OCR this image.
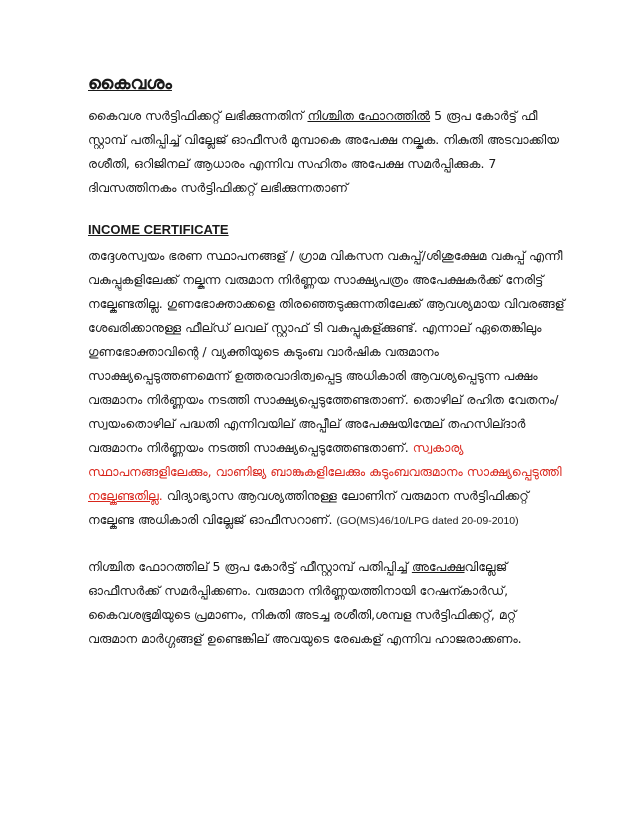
കൈവശം

കൈവശ സർട്ടിഫിക്കറ്റ് ലഭിക്കുന്നതിന് നിശ്ചിത ഫോറത്തിൽ 5 രൂപ കോർട്ട് ഫീ സ്റ്റാമ്പ് പതിപ്പിച്ച് വില്ലേജ് ഓഫീസർ മുമ്പാകെ അപേക്ഷ നല്കുക. നികുതി അടവാക്കിയ രശീതി, ഒറിജിനല് ആധാരം എന്നിവ സഹിതം അപേക്ഷ സമർപ്പിക്കുക. 7 ദിവസത്തിനകം സർട്ടിഫിക്കറ്റ് ലഭിക്കുന്നതാണ്

INCOME CERTIFICATE

തദ്ദേശസ്വയം ഭരണ സ്ഥാപനങ്ങള് / ഗ്രാമ വികസന വകുപ്പ്/ശിശുക്ഷേമ വകുപ്പ് എന്നീ വകുപ്പുകളിലേക്ക് നല്കുന്ന വരുമാന നിർണ്ണയ സാക്ഷ്യപത്രം അപേക്ഷകർക്ക് നേരിട്ട് നല്കേണ്ടതില്ല. ഗുണഭോക്താക്കളെ തിരഞ്ഞെടുക്കുന്നതിലേക്ക് ആവശ്യമായ വിവരങ്ങള് ശേഖരിക്കാനുള്ള ഫീല്ഡ് ലവല് സ്റ്റാഫ് ടി വകുപ്പുകള്ക്കുണ്ട്. എന്നാല് ഏതെങ്കിലും ഗുണഭോക്താവിന്റെ / വ്യക്തിയുടെ കുടുംബ വാർഷിക വരുമാനം സാക്ഷ്യപ്പെടുത്തണമെന്ന് ഉത്തരവാദിത്വപ്പെട്ട അധികാരി ആവശ്യപ്പെടുന്ന പക്ഷം വരുമാനം നിർണ്ണയം നടത്തി സാക്ഷ്യപ്പെടുത്തേണ്ടതാണ്. തൊഴില് രഹിത വേതനം/സ്വയംതൊഴില് പദ്ധതി എന്നിവയില് അപ്പീല് അപേക്ഷയിന്മേല് തഹസില്ദാർ വരുമാനം നിർണ്ണയം നടത്തി സാക്ഷ്യപ്പെടുത്തേണ്ടതാണ്. സ്വകാര്യ സ്ഥാപനങ്ങളിലേക്കും, വാണിജ്യ ബാങ്കുകളിലേക്കും കുടുംബവരുമാനം സാക്ഷ്യപ്പെടുത്തി നല്കേണ്ടതില്ല. വിദ്യാഭ്യാസ ആവശ്യത്തിനുള്ള ലോണിന് വരുമാന സർട്ടിഫിക്കറ്റ് നല്കേണ്ട അധികാരി വില്ലേജ് ഓഫീസറാണ്. (GO(MS)46/10/LPG dated 20-09-2010)

നിശ്ചിത ഫോറത്തില് 5 രൂപ കോർട്ട് ഫീസ്റ്റാമ്പ് പതിപ്പിച്ച് അപേക്ഷവില്ലേജ് ഓഫീസർക്ക് സമർപ്പിക്കണം. വരുമാന നിർണ്ണയത്തിനായി റേഷന്കാർഡ്, കൈവശഭൂമിയുടെ പ്രമാണം, നികുതി അടച്ച രശീതി,ശമ്പള സർട്ടിഫിക്കറ്റ്, മറ്റ് വരുമാന മാർഗ്ഗങ്ങള് ഉണ്ടെങ്കില് അവയുടെ രേഖകള് എന്നിവ ഹാജരാക്കണം.
